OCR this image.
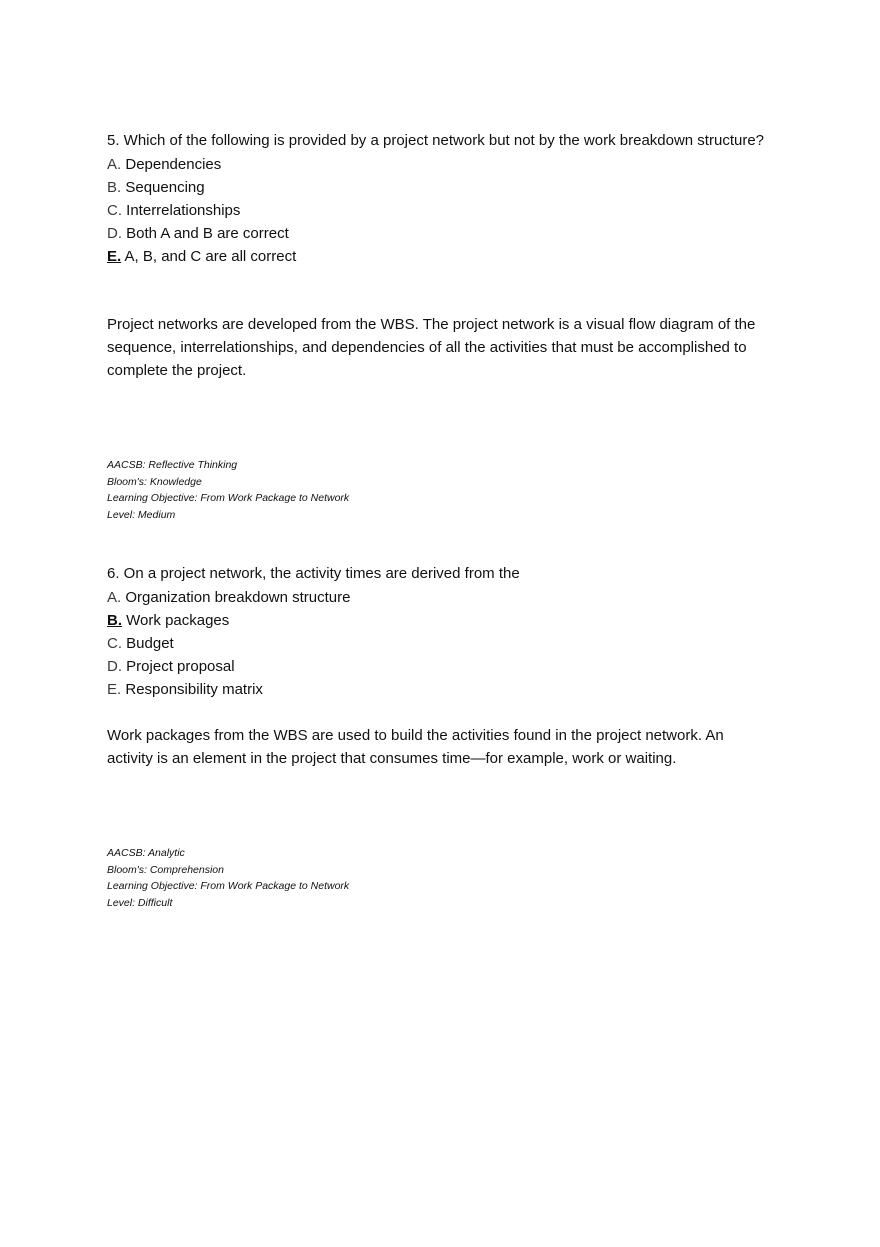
5. Which of the following is provided by a project network but not by the work breakdown structure?

A. Dependencies
B. Sequencing
C. Interrelationships
D. Both A and B are correct
E. A, B, and C are all correct

Project networks are developed from the WBS. The project network is a visual flow diagram of the sequence, interrelationships, and dependencies of all the activities that must be accomplished to complete the project.

AACSB: Reflective Thinking
Bloom's: Knowledge
Learning Objective: From Work Package to Network
Level: Medium

6. On a project network, the activity times are derived from the

A. Organization breakdown structure
B. Work packages
C. Budget
D. Project proposal
E. Responsibility matrix

Work packages from the WBS are used to build the activities found in the project network. An activity is an element in the project that consumes time—for example, work or waiting.

AACSB: Analytic
Bloom's: Comprehension
Learning Objective: From Work Package to Network
Level: Difficult
